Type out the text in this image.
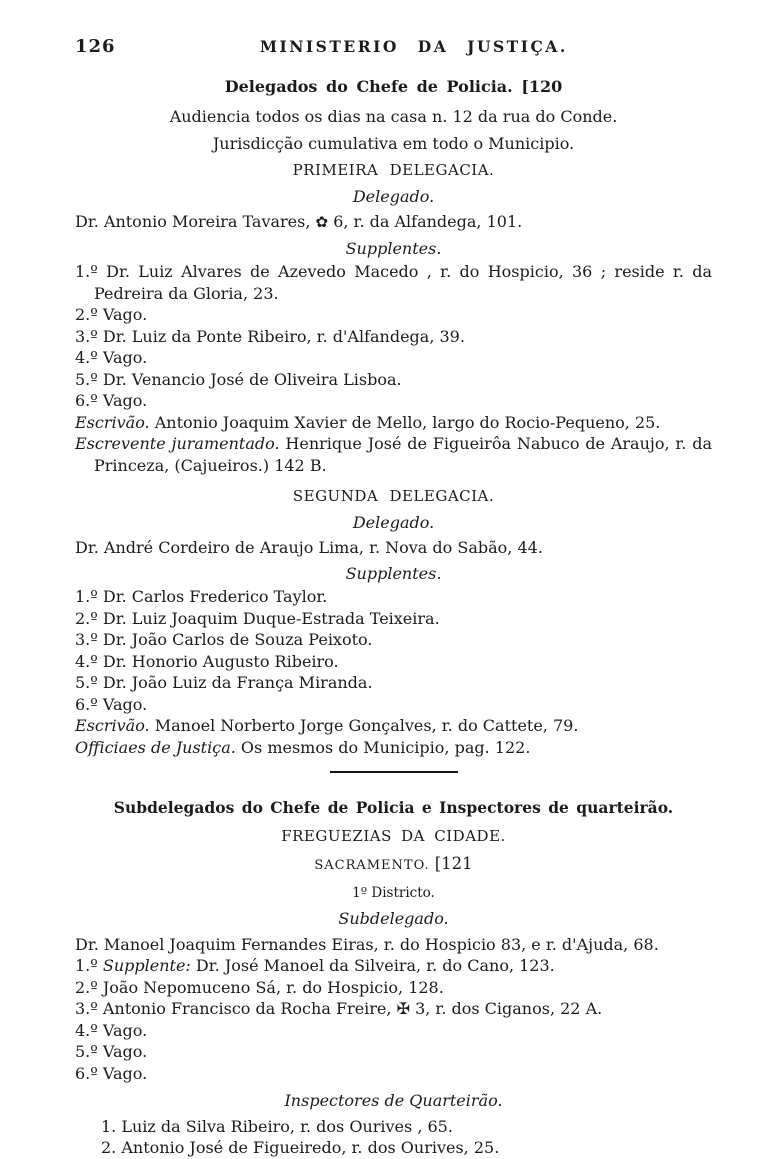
126	MINISTERIO DA JUSTIÇA.
Delegados do Chefe de Policia. [120
Audiencia todos os dias na casa n. 12 da rua do Conde.
Jurisdicção cumulativa em todo o Municipio.
PRIMEIRA DELEGACIA.
Delegado.

Dr. Antonio Moreira Tavares, ✿ 6, r. da Alfandega, 101.

Supplentes.

1.º Dr. Luiz Alvares de Azevedo Macedo , r. do Hospicio, 36 ; reside r. da Pedreira da Gloria, 23.

2.º Vago.

3.º Dr. Luiz da Ponte Ribeiro, r. d'Alfandega, 39.

4.º Vago.

5.º Dr. Venancio José de Oliveira Lisboa.

6.º Vago.

Escrivão. Antonio Joaquim Xavier de Mello, largo do Rocio-Pequeno, 25.

Escrevente juramentado. Henrique José de Figueirôa Nabuco de Araujo, r. da Princeza, (Cajueiros.) 142 B.

SEGUNDA DELEGACIA.
Delegado.

Dr. André Cordeiro de Araujo Lima, r. Nova do Sabão, 44.

Supplentes.

1.º Dr. Carlos Frederico Taylor.

2.º Dr. Luiz Joaquim Duque-Estrada Teixeira.

3.º Dr. João Carlos de Souza Peixoto.

4.º Dr. Honorio Augusto Ribeiro.

5.º Dr. João Luiz da França Miranda.

6.º Vago.

Escrivão. Manoel Norberto Jorge Gonçalves, r. do Cattete, 79.

Officiaes de Justiça. Os mesmos do Municipio, pag. 122.

Subdelegados do Chefe de Policia e Inspectores de quarteirão.
FREGUEZIAS DA CIDADE.
SACRAMENTO. [121
1º Districto.
Subdelegado.

Dr. Manoel Joaquim Fernandes Eiras, r. do Hospicio 83, e r. d'Ajuda, 68.

1.º Supplente: Dr. José Manoel da Silveira, r. do Cano, 123.

2.º João Nepomuceno Sá, r. do Hospicio, 128.

3.º Antonio Francisco da Rocha Freire, ✠ 3, r. dos Ciganos, 22 A.

4.º Vago.

5.º Vago.

6.º Vago.

Inspectores de Quarteirão.

1. Luiz da Silva Ribeiro, r. dos Ourives , 65.

2. Antonio José de Figueiredo, r. dos Ourives, 25.
